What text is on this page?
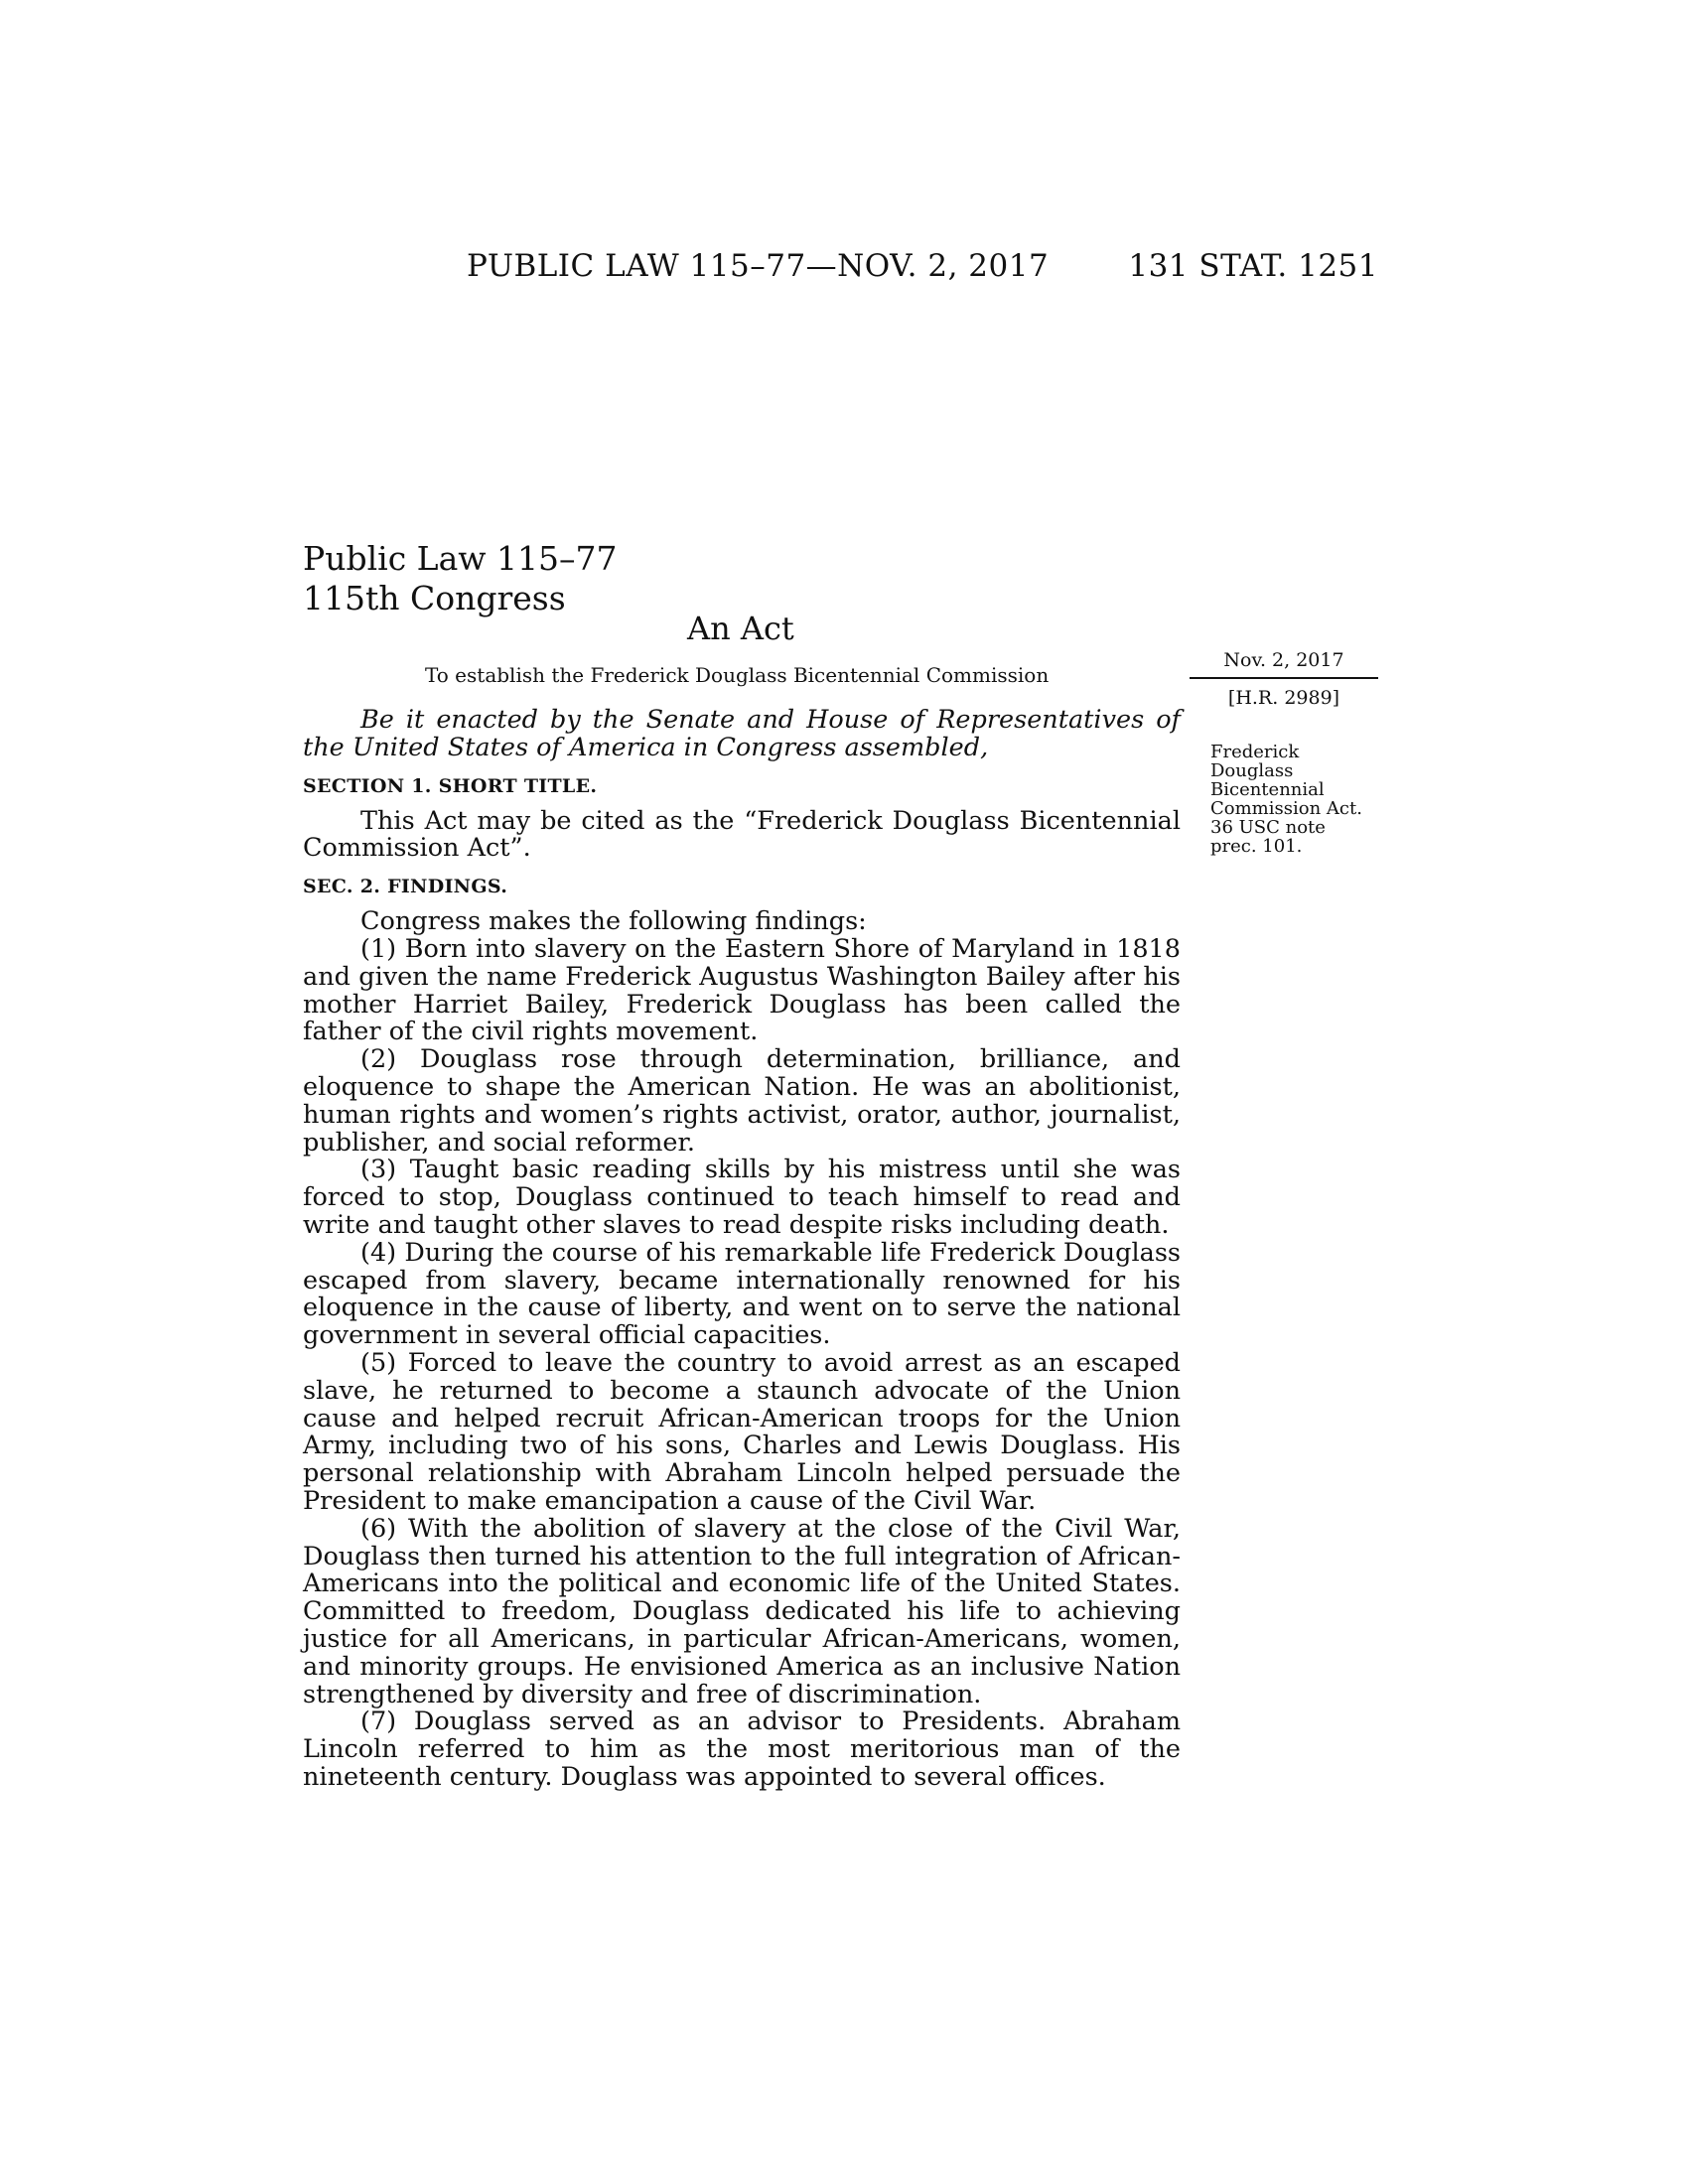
PUBLIC LAW 115–77—NOV. 2, 2017	131 STAT. 1251
Public Law 115–77
115th Congress
An Act
To establish the Frederick Douglass Bicentennial Commission
Nov. 2, 2017
[H.R. 2989]
Frederick
Douglass
Bicentennial
Commission Act.
36 USC note
prec. 101.

Be it enacted by the Senate and House of Representatives of the United States of America in Congress assembled,

SECTION 1. SHORT TITLE.

This Act may be cited as the “Frederick Douglass Bicentennial Commission Act”.

SEC. 2. FINDINGS.

Congress makes the following findings:

(1) Born into slavery on the Eastern Shore of Maryland in 1818 and given the name Frederick Augustus Washington Bailey after his mother Harriet Bailey, Frederick Douglass has been called the father of the civil rights movement.

(2) Douglass rose through determination, brilliance, and eloquence to shape the American Nation. He was an abolitionist, human rights and women’s rights activist, orator, author, journalist, publisher, and social reformer.

(3) Taught basic reading skills by his mistress until she was forced to stop, Douglass continued to teach himself to read and write and taught other slaves to read despite risks including death.

(4) During the course of his remarkable life Frederick Douglass escaped from slavery, became internationally renowned for his eloquence in the cause of liberty, and went on to serve the national government in several official capacities.

(5) Forced to leave the country to avoid arrest as an escaped slave, he returned to become a staunch advocate of the Union cause and helped recruit African-American troops for the Union Army, including two of his sons, Charles and Lewis Douglass. His personal relationship with Abraham Lincoln helped persuade the President to make emancipation a cause of the Civil War.

(6) With the abolition of slavery at the close of the Civil War, Douglass then turned his attention to the full integration of African-Americans into the political and economic life of the United States. Committed to freedom, Douglass dedicated his life to achieving justice for all Americans, in particular African-Americans, women, and minority groups. He envisioned America as an inclusive Nation strengthened by diversity and free of discrimination.

(7) Douglass served as an advisor to Presidents. Abraham Lincoln referred to him as the most meritorious man of the nineteenth century. Douglass was appointed to several offices.
